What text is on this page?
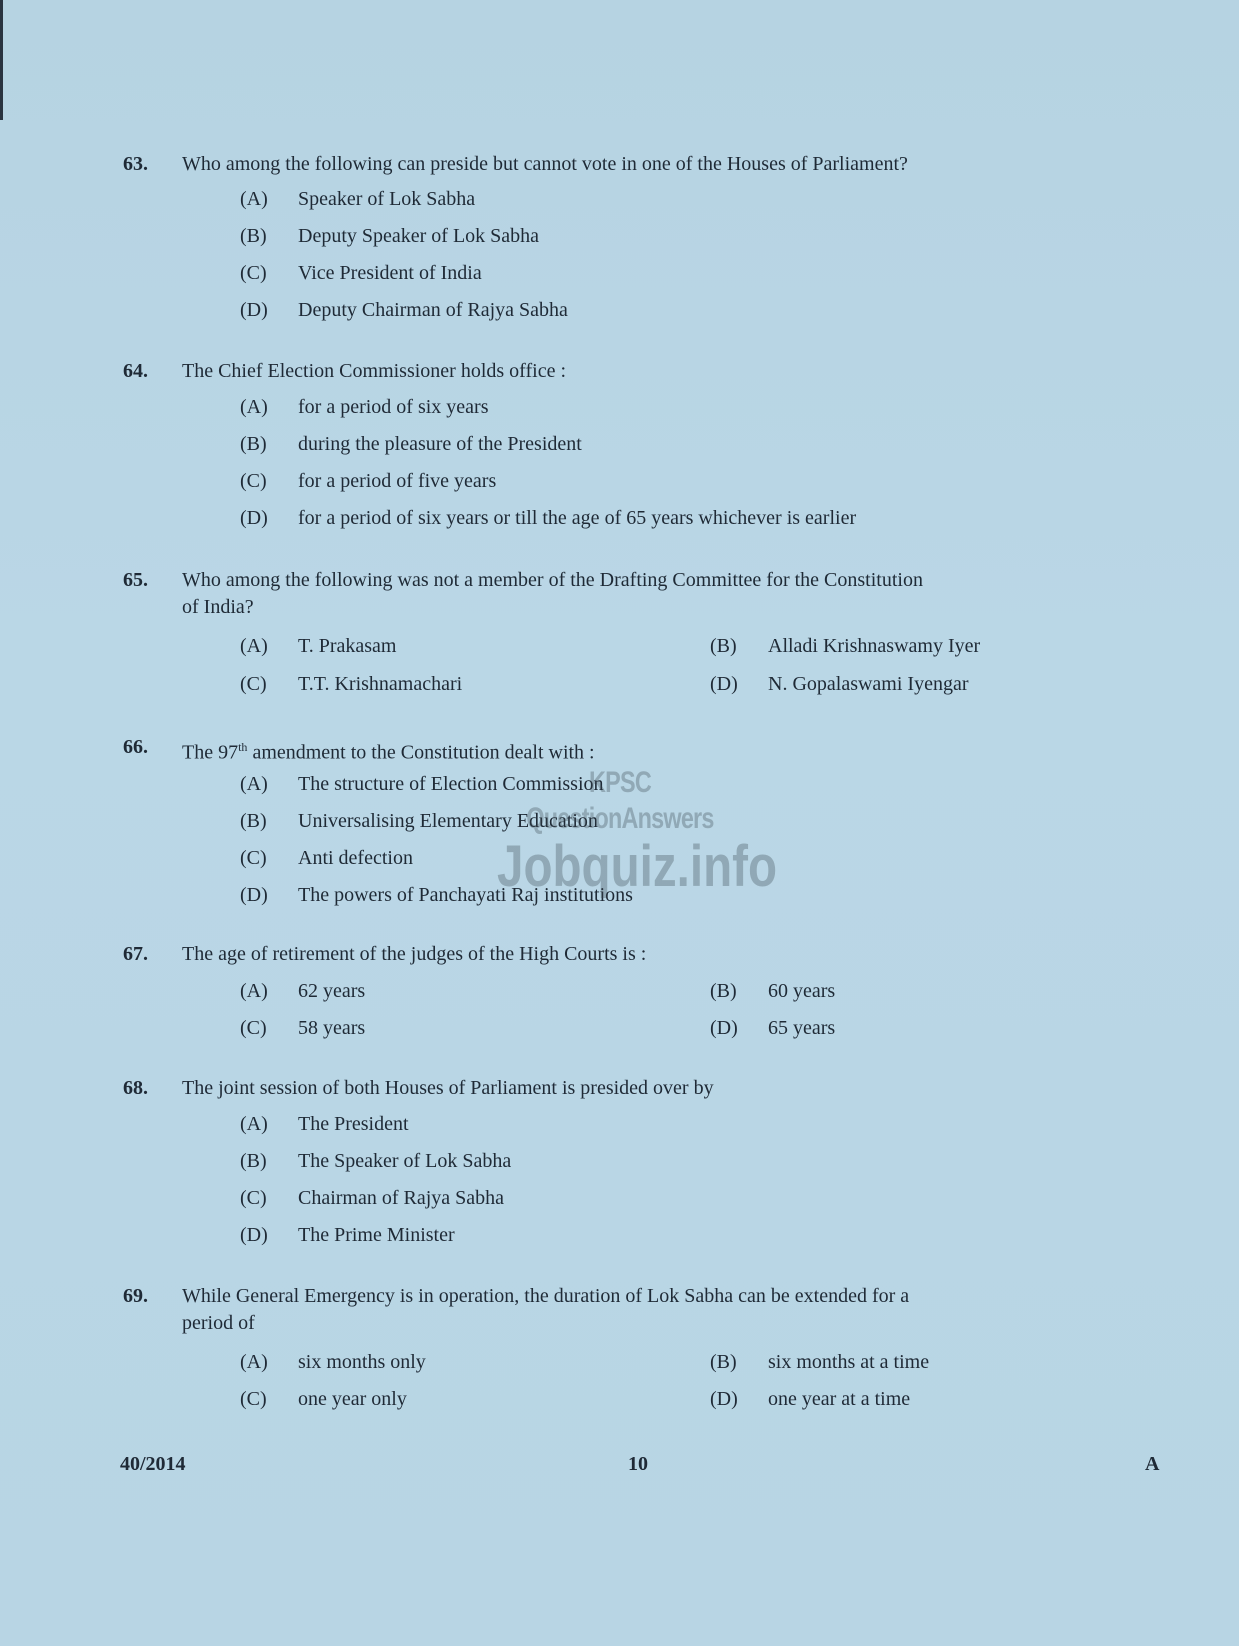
63. Who among the following can preside but cannot vote in one of the Houses of Parliament?
(A) Speaker of Lok Sabha
(B) Deputy Speaker of Lok Sabha
(C) Vice President of India
(D) Deputy Chairman of Rajya Sabha
64. The Chief Election Commissioner holds office :
(A) for a period of six years
(B) during the pleasure of the President
(C) for a period of five years
(D) for a period of six years or till the age of 65 years whichever is earlier
65. Who among the following was not a member of the Drafting Committee for the Constitution
of India?
(A) T. Prakasam	(B) Alladi Krishnaswamy Iyer
(C) T.T. Krishnamachari	(D) N. Gopalaswami Iyengar
66. The 97th amendment to the Constitution dealt with :
(A) The structure of Election Commission
(B) Universalising Elementary Education
(C) Anti defection
(D) The powers of Panchayati Raj institutions
67. The age of retirement of the judges of the High Courts is :
(A) 62 years	(B) 60 years
(C) 58 years	(D) 65 years
68. The joint session of both Houses of Parliament is presided over by
(A) The President
(B) The Speaker of Lok Sabha
(C) Chairman of Rajya Sabha
(D) The Prime Minister
69. While General Emergency is in operation, the duration of Lok Sabha can be extended for a
period of
(A) six months only	(B) six months at a time
(C) one year only	(D) one year at a time
KPSC QuestionAnswers
Jobquiz.info
40/2014	10	A
